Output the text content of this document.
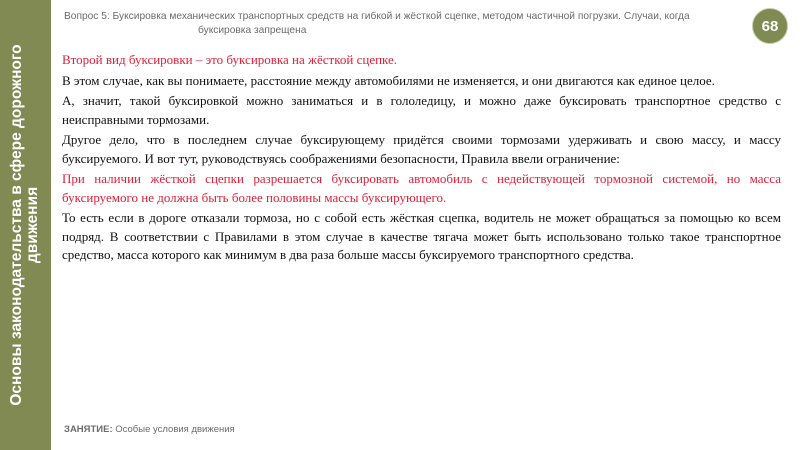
Основы законодательства в сфере дорожного движения
Вопрос 5: Буксировка механических транспортных средств на гибкой и жёсткой сцепке, методом частичной погрузки. Случаи, когда
буксировка запрещена	68

Второй вид буксировки – это буксировка на жёсткой сцепке.

В этом случае, как вы понимаете, расстояние между автомобилями не изменяется, и они двигаются как единое целое.

А, значит, такой буксировкой можно заниматься и в гололедицу, и можно даже буксировать транспортное средство с неисправными тормозами.

Другое дело, что в последнем случае буксирующему придётся своими тормозами удерживать и свою массу, и массу буксируемого. И вот тут, руководствуясь соображениями безопасности, Правила ввели ограничение:

При наличии жёсткой сцепки разрешается буксировать автомобиль с недействующей тормозной системой, но масса буксируемого не должна быть более половины массы буксирующего.

То есть если в дороге отказали тормоза, но с собой есть жёсткая сцепка, водитель не может обращаться за помощью ко всем подряд. В соответствии с Правилами в этом случае в качестве тягача может быть использовано только такое транспортное средство, масса которого как минимум в два раза больше массы буксируемого транспортного средства.

ЗАНЯТИЕ: Особые условия движения
